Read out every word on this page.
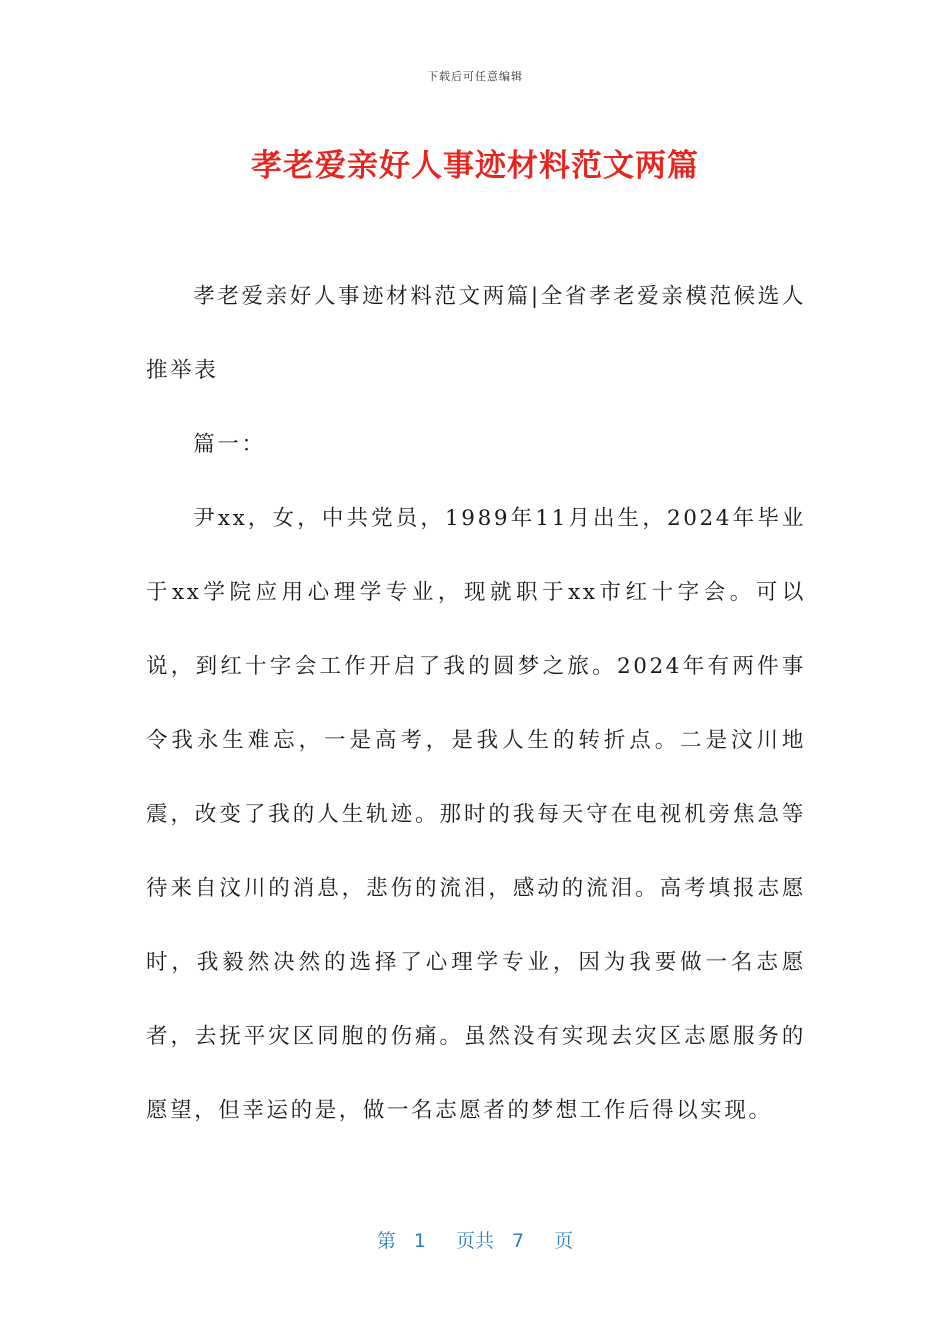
下载后可任意编辑
孝老爱亲好人事迹材料范文两篇

孝老爱亲好人事迹材料范文两篇|全省孝老爱亲模范候选人推举表

篇一：

尹xx，女，中共党员，1989年11月出生，2024年毕业于xx学院应用心理学专业，现就职于xx市红十字会。可以说，到红十字会工作开启了我的圆梦之旅。2024年有两件事令我永生难忘，一是高考，是我人生的转折点。二是汶川地震，改变了我的人生轨迹。那时的我每天守在电视机旁焦急等待来自汶川的消息，悲伤的流泪，感动的流泪。高考填报志愿时，我毅然决然的选择了心理学专业，因为我要做一名志愿者，去抚平灾区同胞的伤痛。虽然没有实现去灾区志愿服务的愿望，但幸运的是，做一名志愿者的梦想工作后得以实现。

第 1 页共 7 页
